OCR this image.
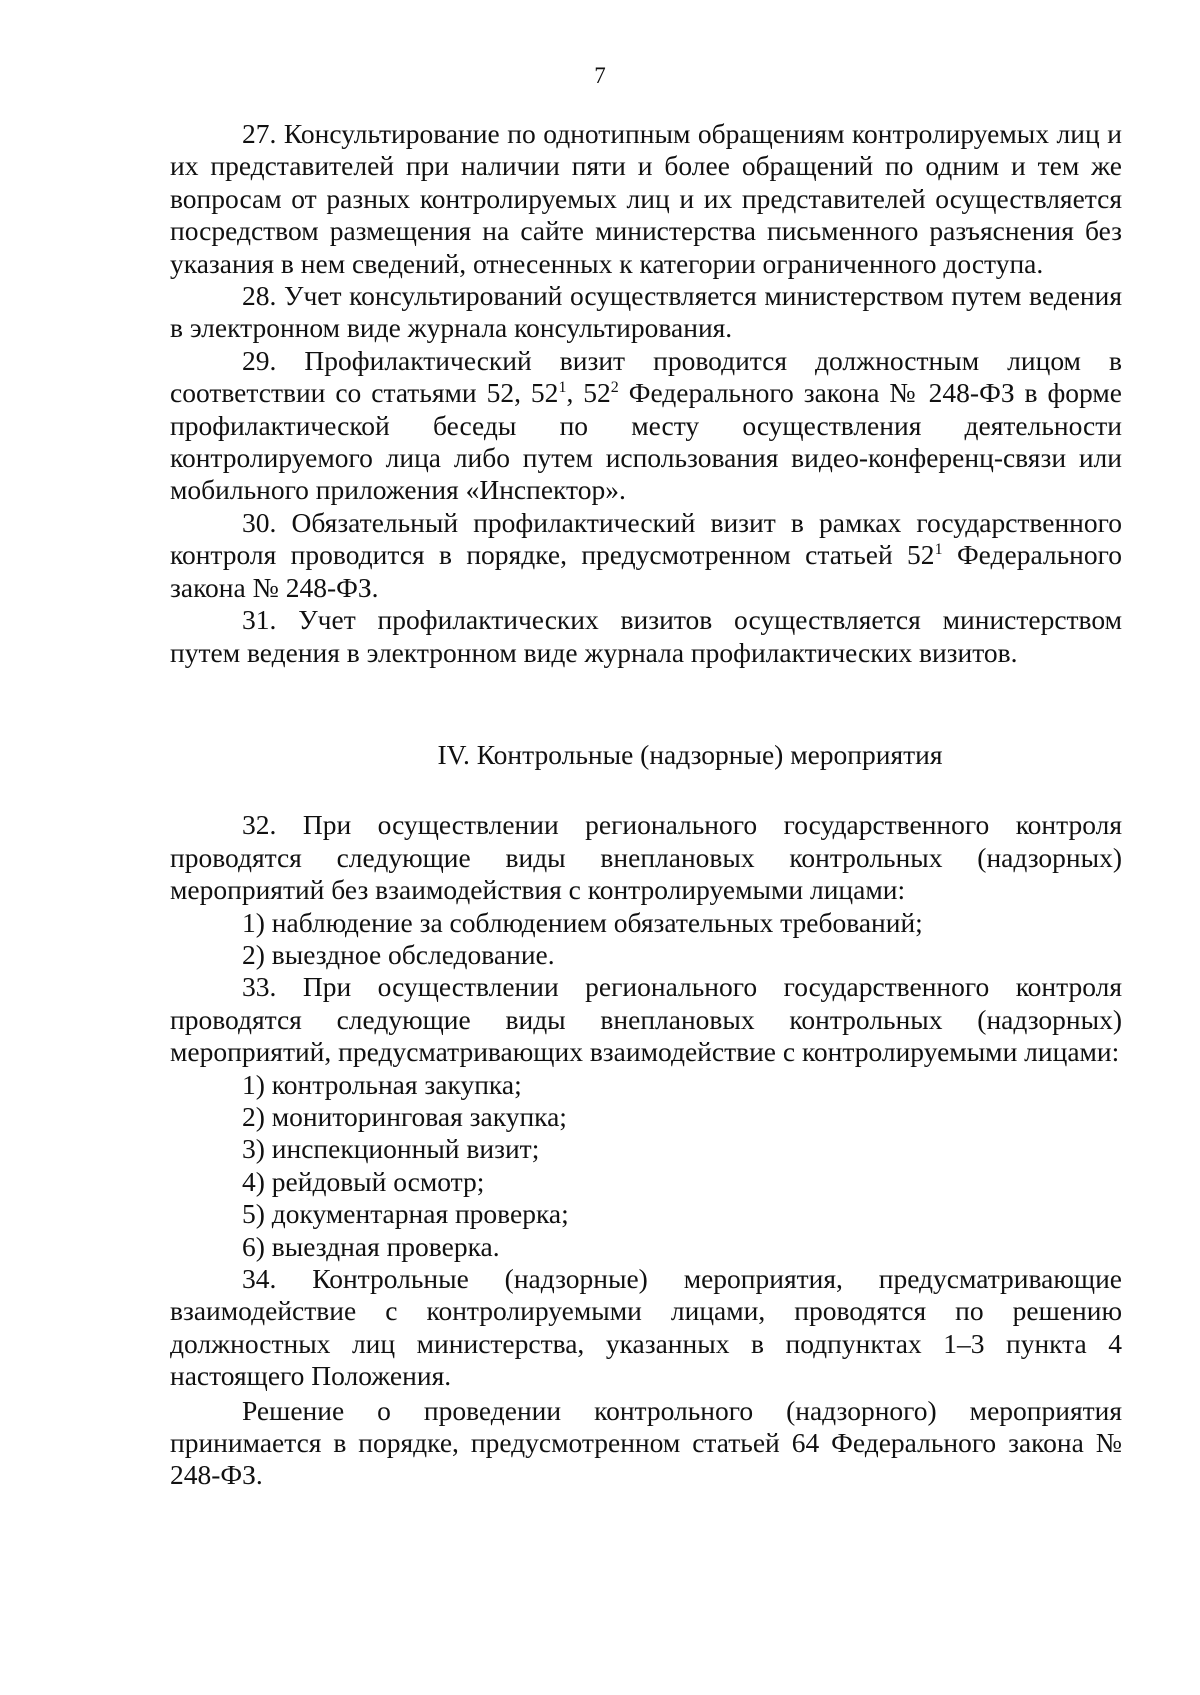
7

27. Консультирование по однотипным обращениям контролируемых лиц и их представителей при наличии пяти и более обращений по одним и тем же вопросам от разных контролируемых лиц и их представителей осуществляется посредством размещения на сайте министерства письменного разъяснения без указания в нем сведений, отнесенных к категории ограниченного доступа.

28. Учет консультирований осуществляется министерством путем ведения в электронном виде журнала консультирования.

29. Профилактический визит проводится должностным лицом в соответствии со статьями 52, $52^1$, $52^2$ Федерального закона № 248-ФЗ в форме профилактической беседы по месту осуществления деятельности контролируемого лица либо путем использования видео-конференц-связи или мобильного приложения «Инспектор».

30. Обязательный профилактический визит в рамках государственного контроля проводится в порядке, предусмотренном статьей $52^1$ Федерального закона № 248-ФЗ.

31. Учет профилактических визитов осуществляется министерством путем ведения в электронном виде журнала профилактических визитов.

IV. Контрольные (надзорные) мероприятия

32. При осуществлении регионального государственного контроля проводятся следующие виды внеплановых контрольных (надзорных) мероприятий без взаимодействия с контролируемыми лицами:

1) наблюдение за соблюдением обязательных требований;

2) выездное обследование.

33. При осуществлении регионального государственного контроля проводятся следующие виды внеплановых контрольных (надзорных) мероприятий, предусматривающих взаимодействие с контролируемыми лицами:

1) контрольная закупка;

2) мониторинговая закупка;

3) инспекционный визит;

4) рейдовый осмотр;

5) документарная проверка;

6) выездная проверка.

34. Контрольные (надзорные) мероприятия, предусматривающие взаимодействие с контролируемыми лицами, проводятся по решению должностных лиц министерства, указанных в подпунктах 1–3 пункта 4 настоящего Положения.

Решение о проведении контрольного (надзорного) мероприятия принимается в порядке, предусмотренном статьей 64 Федерального закона № 248-ФЗ.
